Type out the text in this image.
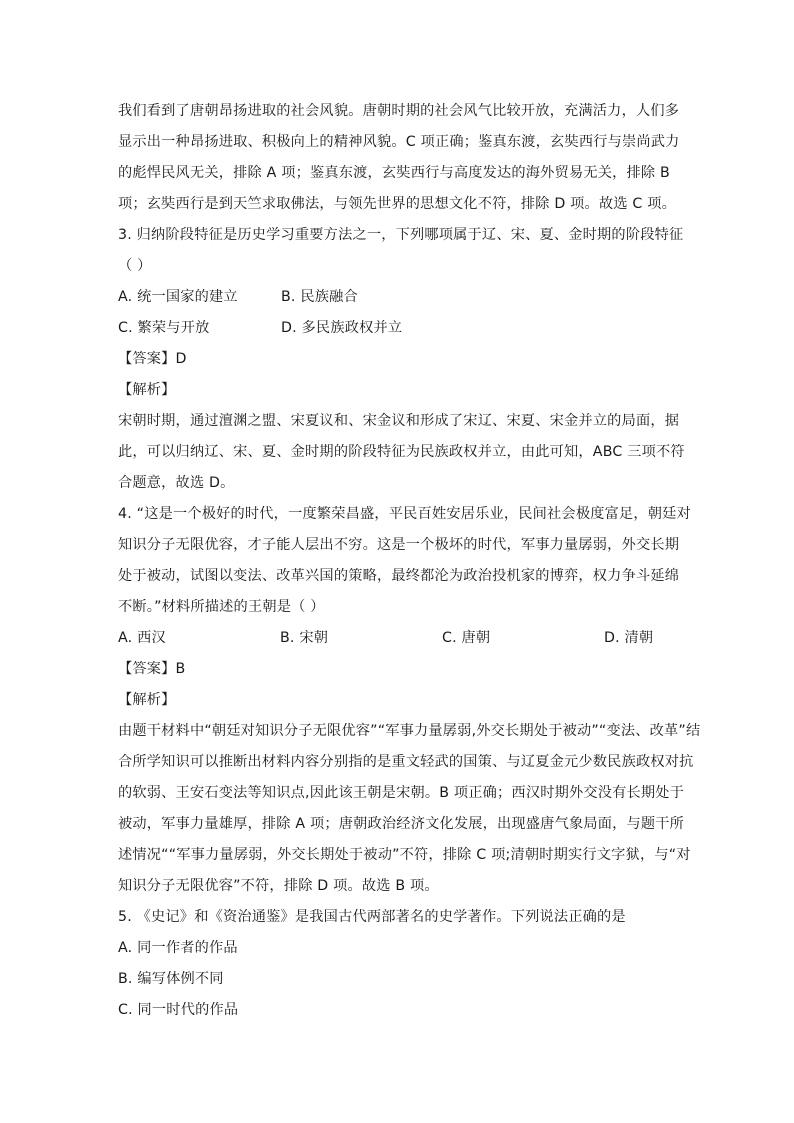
我们看到了唐朝昂扬进取的社会风貌。唐朝时期的社会风气比较开放，充满活力，人们多
显示出一种昂扬进取、积极向上的精神风貌。C 项正确；鉴真东渡，玄奘西行与崇尚武力
的彪悍民风无关，排除 A 项；鉴真东渡，玄奘西行与高度发达的海外贸易无关，排除 B
项；玄奘西行是到天竺求取佛法，与领先世界的思想文化不符，排除 D 项。故选 C 项。
3. 归纳阶段特征是历史学习重要方法之一，下列哪项属于辽、宋、夏、金时期的阶段特征
（ ）
A. 统一国家的建立	B. 民族融合
C. 繁荣与开放	D. 多民族政权并立
【答案】D
【解析】
宋朝时期，通过澶渊之盟、宋夏议和、宋金议和形成了宋辽、宋夏、宋金并立的局面，据
此，可以归纳辽、宋、夏、金时期的阶段特征为民族政权并立，由此可知，ABC 三项不符
合题意，故选 D。
4. “这是一个极好的时代，一度繁荣昌盛，平民百姓安居乐业，民间社会极度富足，朝廷对
知识分子无限优容，才子能人层出不穷。这是一个极坏的时代，军事力量孱弱，外交长期
处于被动，试图以变法、改革兴国的策略，最终都沦为政治投机家的博弈，权力争斗延绵
不断。”材料所描述的王朝是（ ）
A. 西汉	B. 宋朝	C. 唐朝	D. 清朝
【答案】B
【解析】
由题干材料中“朝廷对知识分子无限优容”“军事力量孱弱,外交长期处于被动”“变法、改革”结
合所学知识可以推断出材料内容分别指的是重文轻武的国策、与辽夏金元少数民族政权对抗
的软弱、王安石变法等知识点,因此该王朝是宋朝。B 项正确；西汉时期外交没有长期处于
被动，军事力量雄厚，排除 A 项；唐朝政治经济文化发展，出现盛唐气象局面，与题干所
述情况““军事力量孱弱，外交长期处于被动”不符，排除 C 项;清朝时期实行文字狱，与“对
知识分子无限优容”不符，排除 D 项。故选 B 项。
5. 《史记》和《资治通鉴》是我国古代两部著名的史学著作。下列说法正确的是
A. 同一作者的作品
B. 编写体例不同
C. 同一时代的作品
